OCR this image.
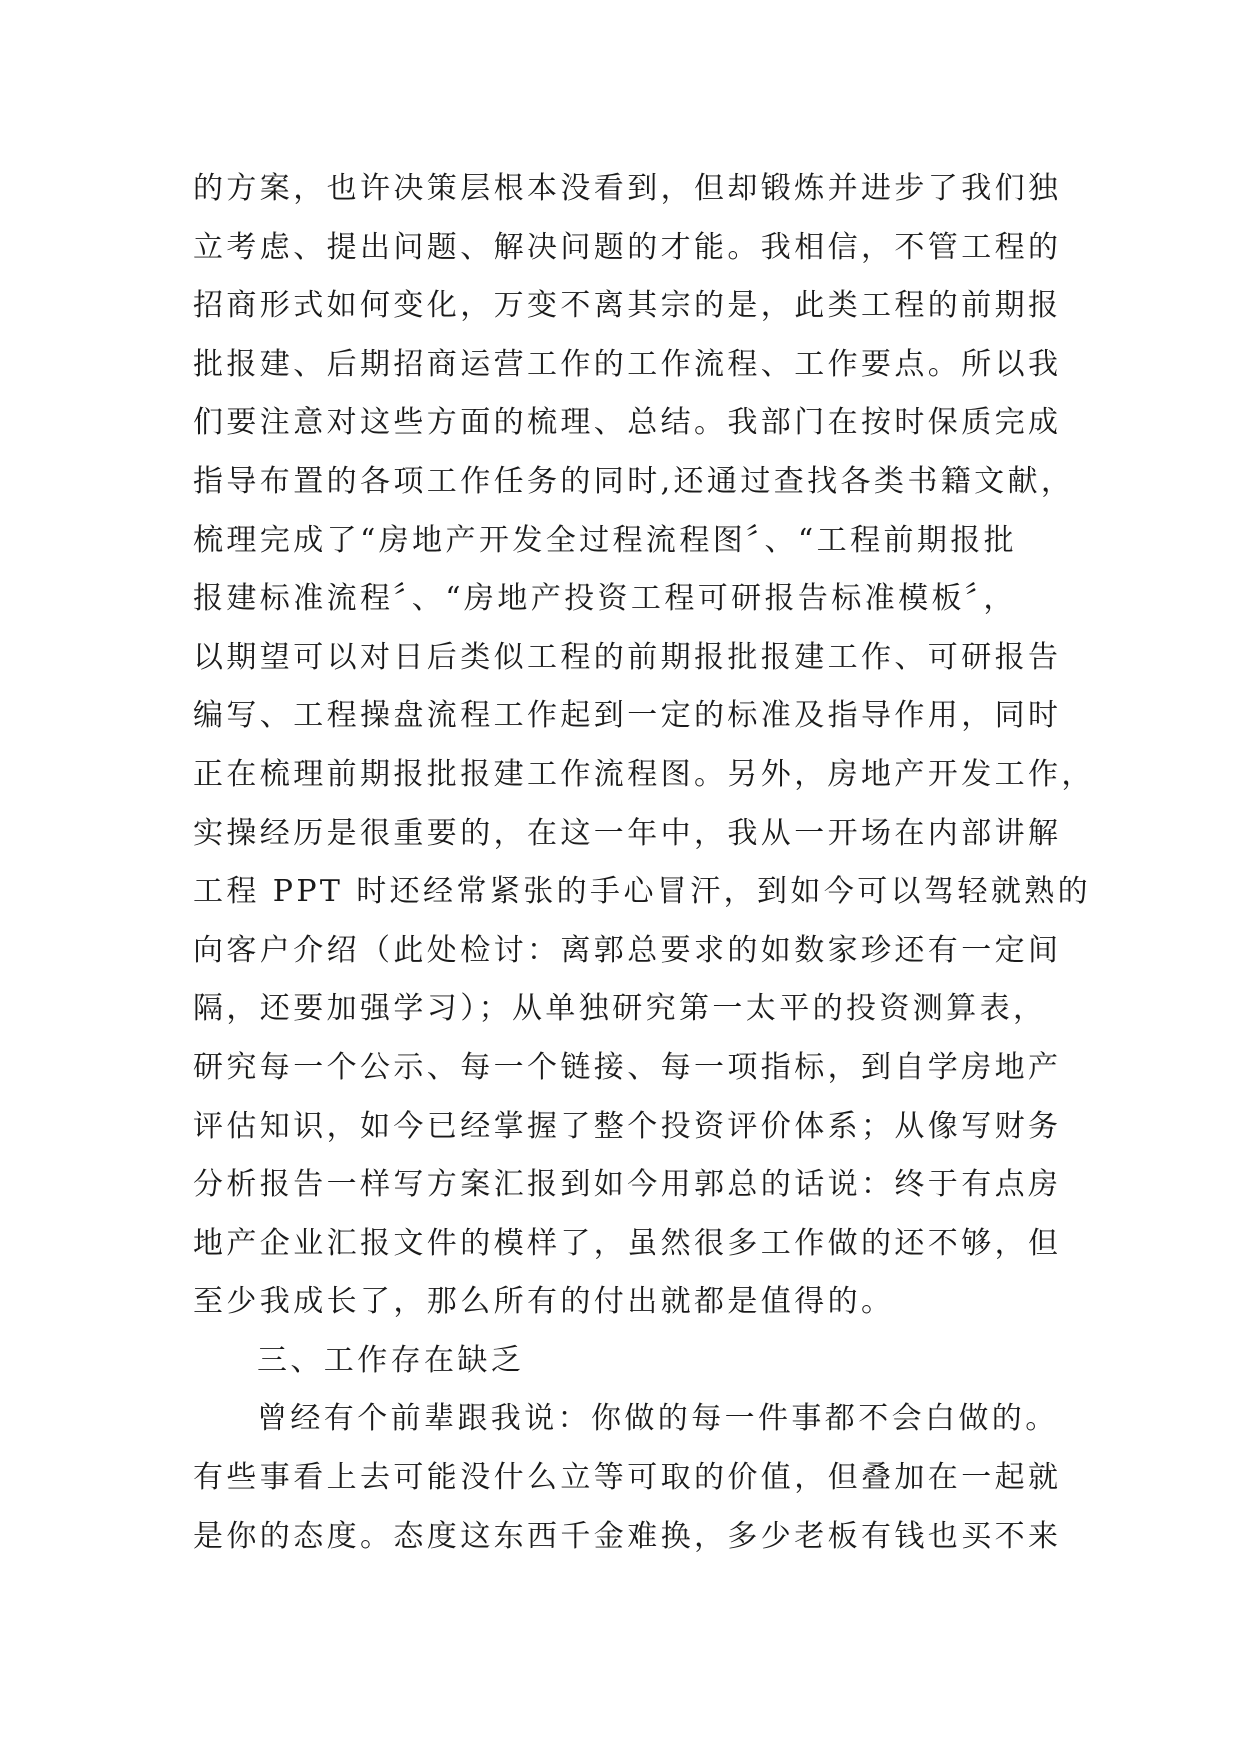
的方案，也许决策层根本没看到，但却锻炼并进步了我们独
立考虑、提出问题、解决问题的才能。我相信，不管工程的
招商形式如何变化，万变不离其宗的是，此类工程的前期报
批报建、后期招商运营工作的工作流程、工作要点。所以我
们要注意对这些方面的梳理、总结。我部门在按时保质完成
指导布置的各项工作任务的同时,还通过查找各类书籍文献，
梳理完成了“房地产开发全过程流程图〞、“工程前期报批
报建标准流程〞、“房地产投资工程可研报告标准模板〞，
以期望可以对日后类似工程的前期报批报建工作、可研报告
编写、工程操盘流程工作起到一定的标准及指导作用，同时
正在梳理前期报批报建工作流程图。另外，房地产开发工作，
实操经历是很重要的，在这一年中，我从一开场在内部讲解
工程 PPT 时还经常紧张的手心冒汗，到如今可以驾轻就熟的
向客户介绍（此处检讨：离郭总要求的如数家珍还有一定间
隔，还要加强学习）；从单独研究第一太平的投资测算表，
研究每一个公示、每一个链接、每一项指标，到自学房地产
评估知识，如今已经掌握了整个投资评价体系；从像写财务
分析报告一样写方案汇报到如今用郭总的话说：终于有点房
地产企业汇报文件的模样了，虽然很多工作做的还不够，但
至少我成长了，那么所有的付出就都是值得的。
三、工作存在缺乏
曾经有个前辈跟我说：你做的每一件事都不会白做的。
有些事看上去可能没什么立等可取的价值，但叠加在一起就
是你的态度。态度这东西千金难换，多少老板有钱也买不来
